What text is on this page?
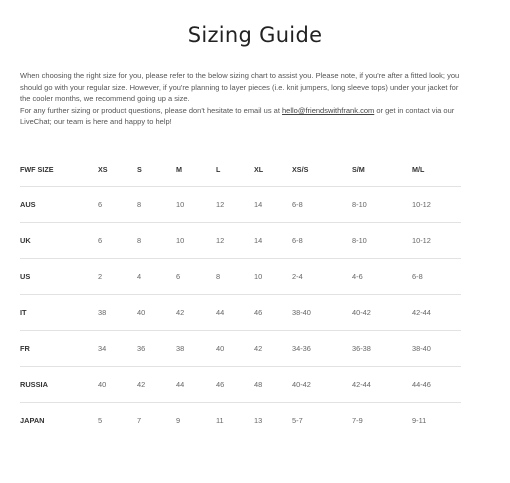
Sizing Guide

When choosing the right size for you, please refer to the below sizing chart to assist you. Please note, if you're after a fitted look; you should go with your regular size. However, if you're planning to layer pieces (i.e. knit jumpers, long sleeve tops) under your jacket for the cooler months, we recommend going up a size.

For any further sizing or product questions, please don't hesitate to email us at hello@friendswithfrank.com or get in contact via our LiveChat; our team is here and happy to help!

FWF SIZE	XS	S	M	L	XL	XS/S	S/M	M/L	
AUS	6	8	10	12	14	6-8	8-10	10-12	
UK	6	8	10	12	14	6-8	8-10	10-12	
US	2	4	6	8	10	2-4	4-6	6-8	
IT	38	40	42	44	46	38-40	40-42	42-44	
FR	34	36	38	40	42	34-36	36-38	38-40	
RUSSIA	40	42	44	46	48	40-42	42-44	44-46	
JAPAN	5	7	9	11	13	5-7	7-9	9-11	
